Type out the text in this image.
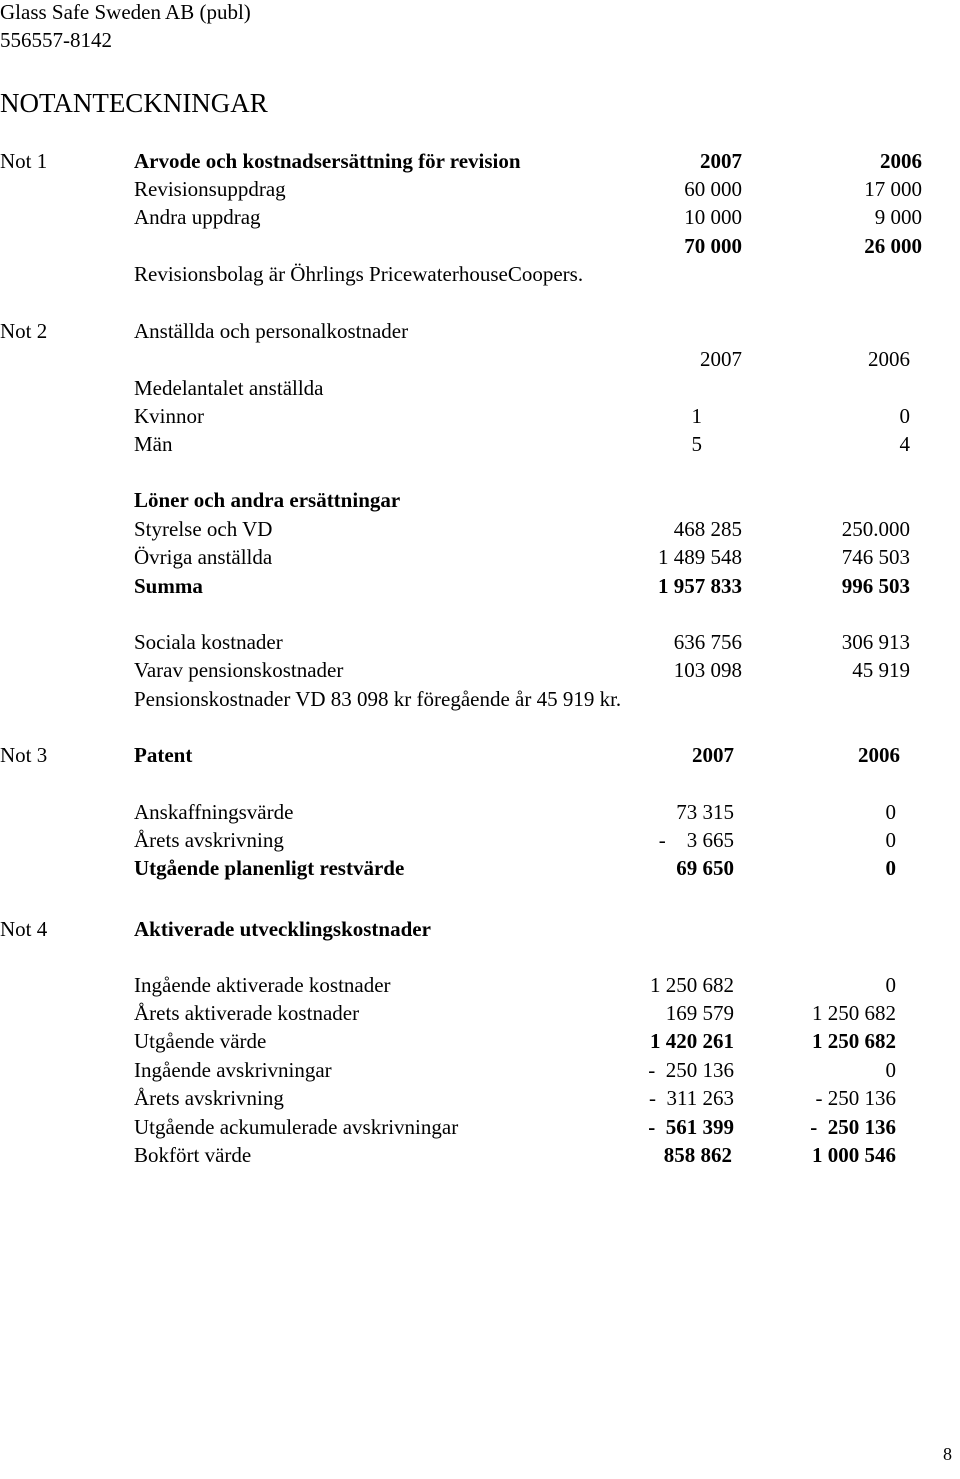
Glass Safe Sweden AB (publ)
556557-8142
NOTANTECKNINGAR
Not 1	Arvode och kostnadsersättning för revision	2007	2006
Revisionsuppdrag	60 000	17 000
Andra uppdrag	10 000	9 000
70 000	26 000
Revisionsbolag är Öhrlings PricewaterhouseCoopers.
Not 2	Anställda och personalkostnader
2007	2006
Medelantalet anställda
Kvinnor	1	0
Män	5	4
Löner och andra ersättningar
Styrelse och VD	468 285	250.000
Övriga anställda	1 489 548	746 503
Summa	1 957 833	996 503
Sociala kostnader	636 756	306 913
Varav pensionskostnader	103 098	45 919
Pensionskostnader VD 83 098 kr föregående år 45 919 kr.
Not 3	Patent	2007	2006
Anskaffningsvärde	73 315	0
Årets avskrivning	-    3 665	0
Utgående planenligt restvärde	69 650	0
Not 4	Aktiverade utvecklingskostnader
Ingående aktiverade kostnader	1 250 682	0
Årets aktiverade kostnader	169 579	1 250 682
Utgående värde	1 420 261	1 250 682
Ingående avskrivningar	-  250 136	0
Årets avskrivning	-  311 263	- 250 136
Utgående ackumulerade avskrivningar	-  561 399	-  250 136
Bokfört värde	858 862	1 000 546
8
